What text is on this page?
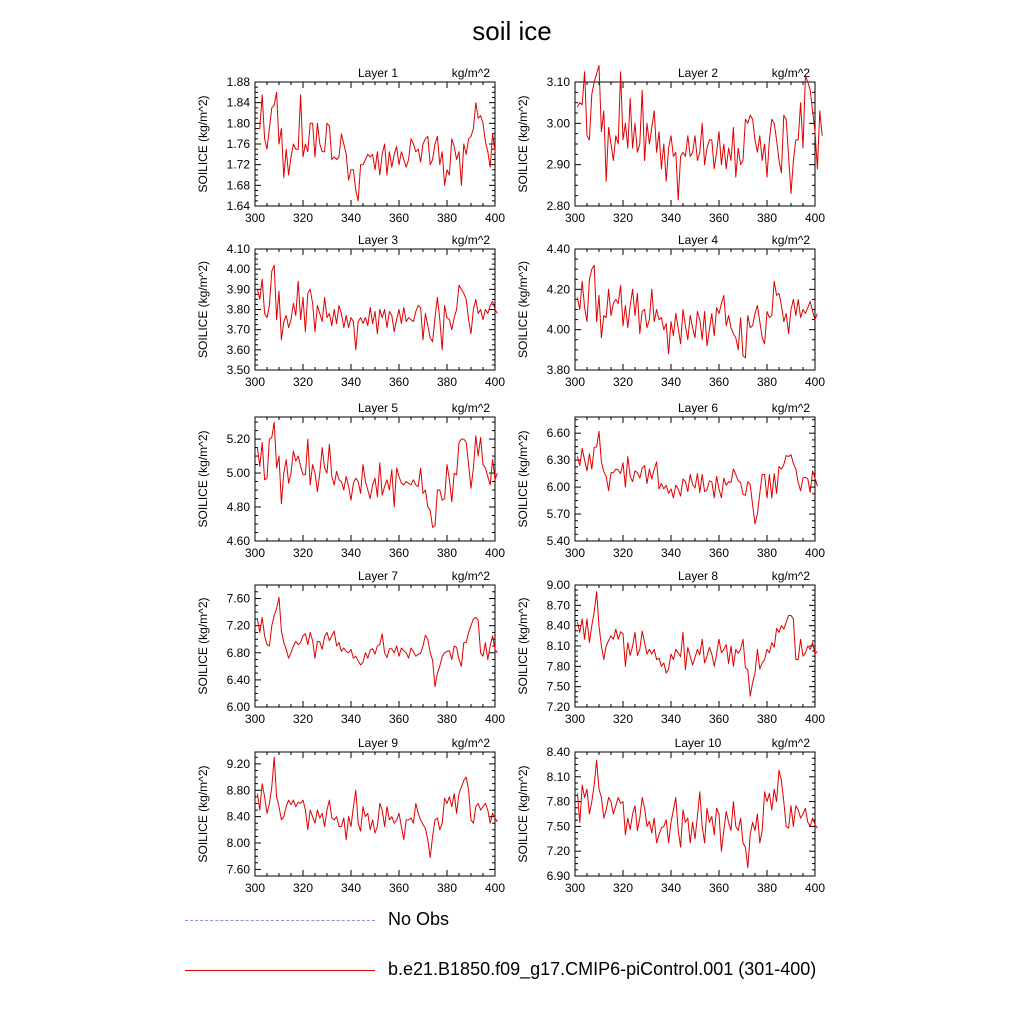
soil ice
300 320 340 360 380 400
1.64
1.68
1.72
1.76
1.80
1.84
1.88
Layer 1	kg/m^2
SOILICE (kg/m^2)
300 320 340 360 380 400
2.80
2.90
3.00
3.10
Layer 2	kg/m^2
SOILICE (kg/m^2)
300 320 340 360 380 400
3.50
3.60
3.70
3.80
3.90
4.00
4.10
Layer 3	kg/m^2
SOILICE (kg/m^2)
300 320 340 360 380 400
3.80
4.00
4.20
4.40
Layer 4	kg/m^2
SOILICE (kg/m^2)
300 320 340 360 380 400
4.60
4.80
5.00
5.20
Layer 5	kg/m^2
SOILICE (kg/m^2)
300 320 340 360 380 400
5.40
5.70
6.00
6.30
6.60
Layer 6	kg/m^2
SOILICE (kg/m^2)
300 320 340 360 380 400
6.00
6.40
6.80
7.20
7.60
Layer 7	kg/m^2
SOILICE (kg/m^2)
300 320 340 360 380 400
7.20
7.50
7.80
8.10
8.40
8.70
9.00
Layer 8	kg/m^2
SOILICE (kg/m^2)
300 320 340 360 380 400
7.60
8.00
8.40
8.80
9.20
Layer 9	kg/m^2
SOILICE (kg/m^2)
300 320 340 360 380 400
6.90
7.20
7.50
7.80
8.10
8.40
Layer 10	kg/m^2
SOILICE (kg/m^2)
No Obs
b.e21.B1850.f09_g17.CMIP6-piControl.001 (301-400)
